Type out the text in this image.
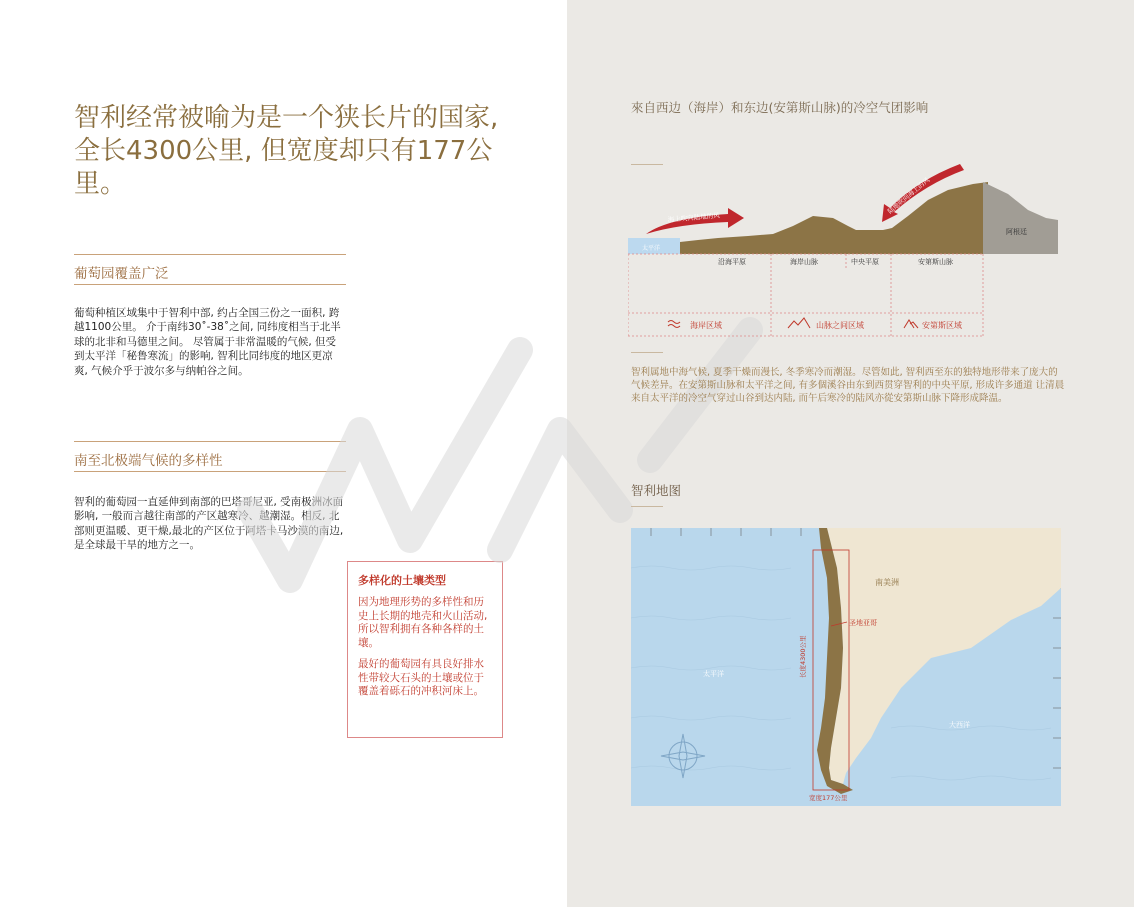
智利经常被喻为是一个狭长片的国家, 全长4300公里, 但宽度却只有177公里。
葡萄园覆盖广泛
葡萄种植区域集中于智利中部, 约占全国三份之一面积, 跨越1100公里。 介于南纬30˚-38˚之间, 同纬度相当于北半球的北非和马德里之间。 尽管属于非常温暖的气候, 但受到太平洋「秘鲁寒流」的影响, 智利比同纬度的地区更凉爽, 气候介乎于波尔多与纳帕谷之间。
南至北极端气候的多样性
智利的葡萄园一直延伸到南部的巴塔哥尼亚, 受南极洲冰面影响, 一般而言越往南部的产区越寒冷、越潮湿。相反, 北部则更温暖、更干燥,最北的产区位于阿塔卡马沙漠的南边,是全球最干旱的地方之一。
多样化的土壤类型
因为地理形势的多样性和历史上长期的地壳和火山活动, 所以智利拥有各种各样的土壤。
最好的葡萄园有具良好排水性带较大石头的土壤或位于覆盖着砾石的冲积河床上。
來自西边（海岸）和东边(安第斯山脉)的冷空气团影响
海上吹向陆地的风
陆地吹向海上的风
太平洋
阿根廷
沿海平原	海岸山脉	中央平原	安第斯山脉
海岸区域	山脉之间区域	安第斯区域
智利属地中海气候, 夏季干燥而漫长, 冬季寒冷而潮湿。尽管如此, 智利西至东的独特地形带来了庞大的气候差异。在安第斯山脉和太平洋之间, 有多個溪谷由东到西贯穿智利的中央平原, 形成许多通道 让清晨来自太平洋的冷空气穿过山谷到达内陆, 而午后寒冷的陆风亦從安第斯山脉下降形成降温。
智利地图
长度4300公里
宽度177公里
圣地亚哥
南美洲
太平洋
大西洋
